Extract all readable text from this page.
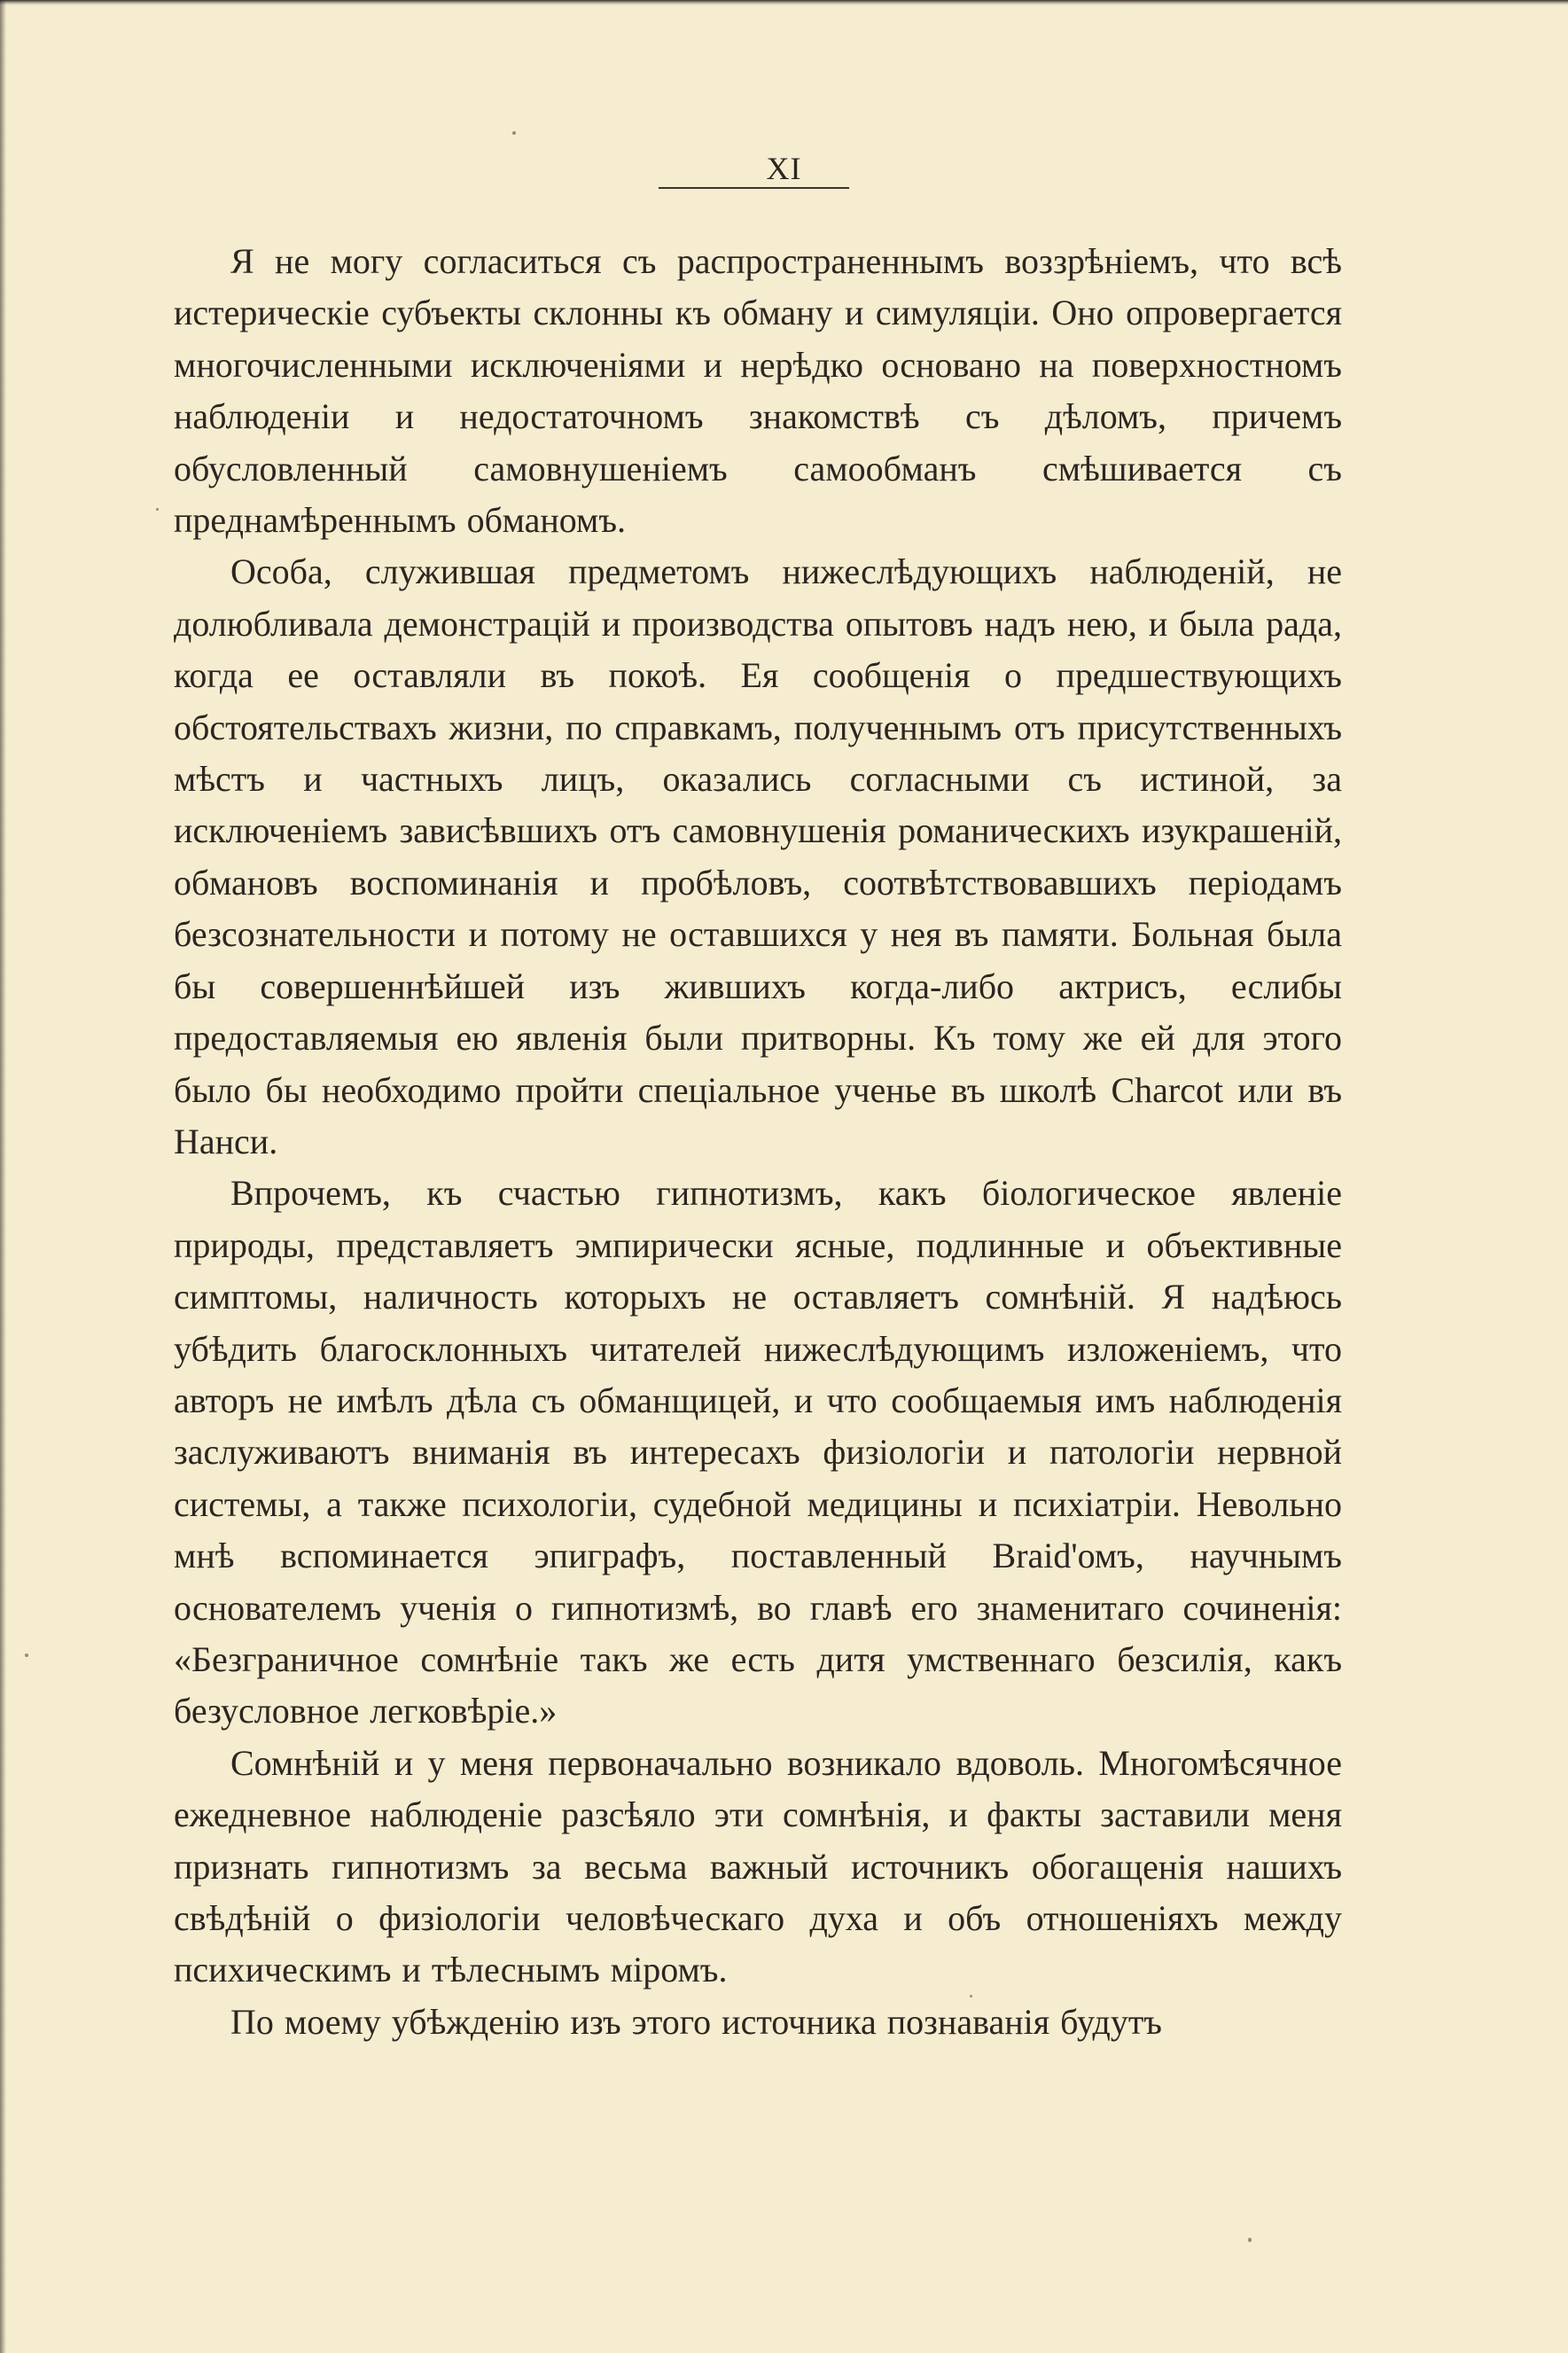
XI

Я не могу согласиться съ распространеннымъ воззрѣніемъ, что всѣ истерическіе субъекты склонны къ обману и симуляціи. Оно опровергается многочисленными исключеніями и нерѣдко основано на поверхностномъ наблюденіи и недостаточномъ знакомствѣ съ дѣломъ, причемъ обусловленный самовнушеніемъ самообманъ смѣшивается съ преднамѣреннымъ обманомъ.

Особа, служившая предметомъ нижеслѣдующихъ наблюденій, не долюбливала демонстрацій и производства опытовъ надъ нею, и была рада, когда ее оставляли въ покоѣ. Ея сообщенія о предшествующихъ обстоятельствахъ жизни, по справкамъ, полученнымъ отъ присутственныхъ мѣстъ и частныхъ лицъ, оказались согласными съ истиной, за исключеніемъ зависѣвшихъ отъ самовнушенія романическихъ изукрашеній, обмановъ воспоминанія и пробѣловъ, соотвѣтствовавшихъ періодамъ безсознательности и потому не оставшихся у нея въ памяти. Больная была бы совершеннѣйшей изъ жившихъ когда-либо актрисъ, еслибы предоставляемыя ею явленія были притворны. Къ тому же ей для этого было бы необходимо пройти спеціальное ученье въ школѣ Charcot или въ Нанси.

Впрочемъ, къ счастью гипнотизмъ, какъ біологическое явленіе природы, представляетъ эмпирически ясные, подлинные и объективные симптомы, наличность которыхъ не оставляетъ сомнѣній. Я надѣюсь убѣдить благосклонныхъ читателей нижеслѣдующимъ изложеніемъ, что авторъ не имѣлъ дѣла съ обманщицей, и что сообщаемыя имъ наблюденія заслуживаютъ вниманія въ интересахъ физіологіи и патологіи нервной системы, а также психологіи, судебной медицины и психіатріи. Невольно мнѣ вспоминается эпиграфъ, поставленный Braid'омъ, научнымъ основателемъ ученія о гипнотизмѣ, во главѣ его знаменитаго сочиненія: «Безграничное сомнѣніе такъ же есть дитя умственнаго безсилія, какъ безусловное легковѣріе.»

Сомнѣній и у меня первоначально возникало вдоволь. Многомѣсячное ежедневное наблюденіе разсѣяло эти сомнѣнія, и факты заставили меня признать гипнотизмъ за весьма важный источникъ обогащенія нашихъ свѣдѣній о физіологіи человѣческаго духа и объ отношеніяхъ между психическимъ и тѣлеснымъ міромъ.

По моему убѣжденію изъ этого источника познаванія будутъ
